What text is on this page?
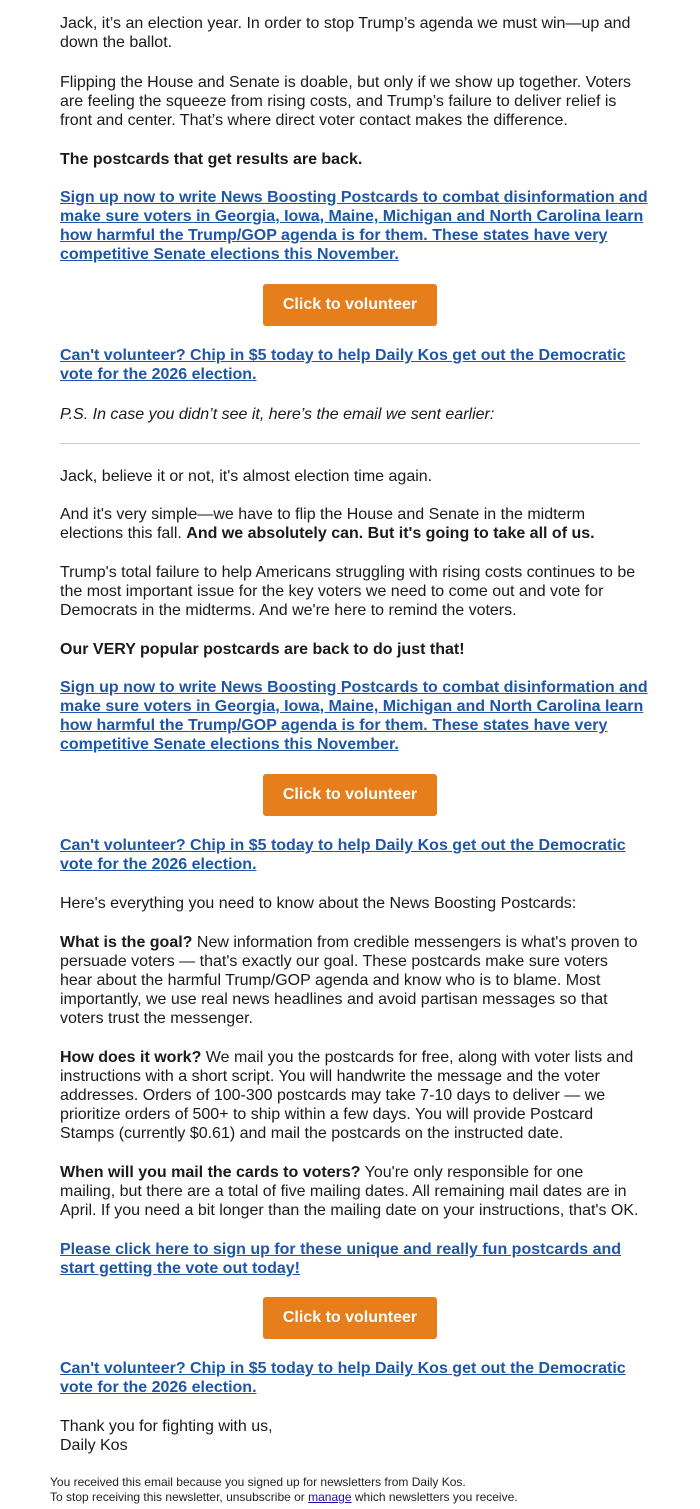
Jack, it’s an election year. In order to stop Trump’s agenda we must win—up and down the ballot.

Flipping the House and Senate is doable, but only if we show up together. Voters are feeling the squeeze from rising costs, and Trump’s failure to deliver relief is front and center. That’s where direct voter contact makes the difference.

The postcards that get results are back.

Sign up now to write News Boosting Postcards to combat disinformation and make sure voters in Georgia, Iowa, Maine, Michigan and North Carolina learn how harmful the Trump/GOP agenda is for them. These states have very competitive Senate elections this November.

Click to volunteer

Can't volunteer? Chip in $5 today to help Daily Kos get out the Democratic vote for the 2026 election.

P.S. In case you didn’t see it, here’s the email we sent earlier:

Jack, believe it or not, it's almost election time again.

And it's very simple—we have to flip the House and Senate in the midterm elections this fall. And we absolutely can. But it's going to take all of us.

Trump's total failure to help Americans struggling with rising costs continues to be the most important issue for the key voters we need to come out and vote for Democrats in the midterms. And we're here to remind the voters.

Our VERY popular postcards are back to do just that!

Sign up now to write News Boosting Postcards to combat disinformation and make sure voters in Georgia, Iowa, Maine, Michigan and North Carolina learn how harmful the Trump/GOP agenda is for them. These states have very competitive Senate elections this November.

Click to volunteer

Can't volunteer? Chip in $5 today to help Daily Kos get out the Democratic vote for the 2026 election.

Here's everything you need to know about the News Boosting Postcards:

What is the goal? New information from credible messengers is what's proven to persuade voters — that's exactly our goal. These postcards make sure voters hear about the harmful Trump/GOP agenda and know who is to blame. Most importantly, we use real news headlines and avoid partisan messages so that voters trust the messenger.

How does it work? We mail you the postcards for free, along with voter lists and instructions with a short script. You will handwrite the message and the voter addresses. Orders of 100-300 postcards may take 7-10 days to deliver — we prioritize orders of 500+ to ship within a few days. You will provide Postcard Stamps (currently $0.61) and mail the postcards on the instructed date.

When will you mail the cards to voters? You're only responsible for one mailing, but there are a total of five mailing dates. All remaining mail dates are in April. If you need a bit longer than the mailing date on your instructions, that's OK.

Please click here to sign up for these unique and really fun postcards and start getting the vote out today!

Click to volunteer

Can't volunteer? Chip in $5 today to help Daily Kos get out the Democratic vote for the 2026 election.

Thank you for fighting with us,
Daily Kos

You received this email because you signed up for newsletters from Daily Kos.
To stop receiving this newsletter, unsubscribe or manage which newsletters you receive.
